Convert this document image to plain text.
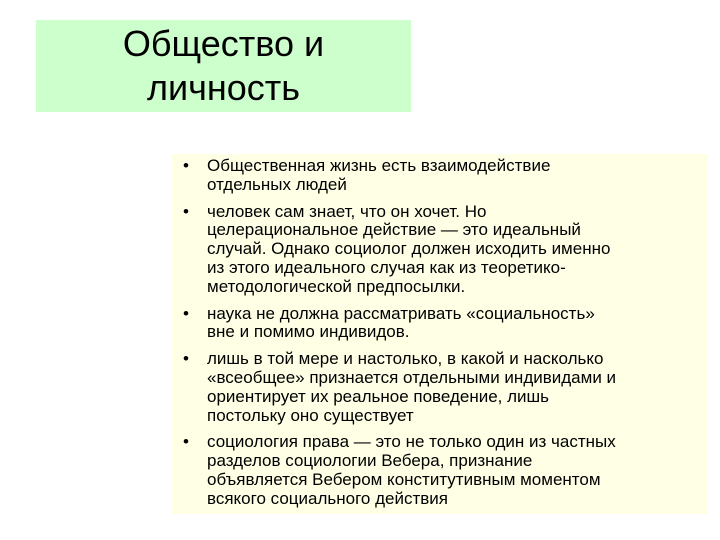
Общество и
личность
• Общественная жизнь есть взаимодействие
отдельных людей
• человек сам знает, что он хочет. Но
целерациональное действие — это идеальный
случай. Однако социолог должен исходить именно
из этого идеального случая как из теоретико-
методологической предпосылки.
• наука не должна рассматривать «социальность»
вне и помимо индивидов.
• лишь в той мере и настолько, в какой и насколько
«всеобщее» признается отдельными индивидами и
ориентирует их реальное поведение, лишь
постольку оно существует
• социология права — это не только один из частных
разделов социологии Вебера, признание
объявляется Вебером конститутивным моментом
всякого социального действия
